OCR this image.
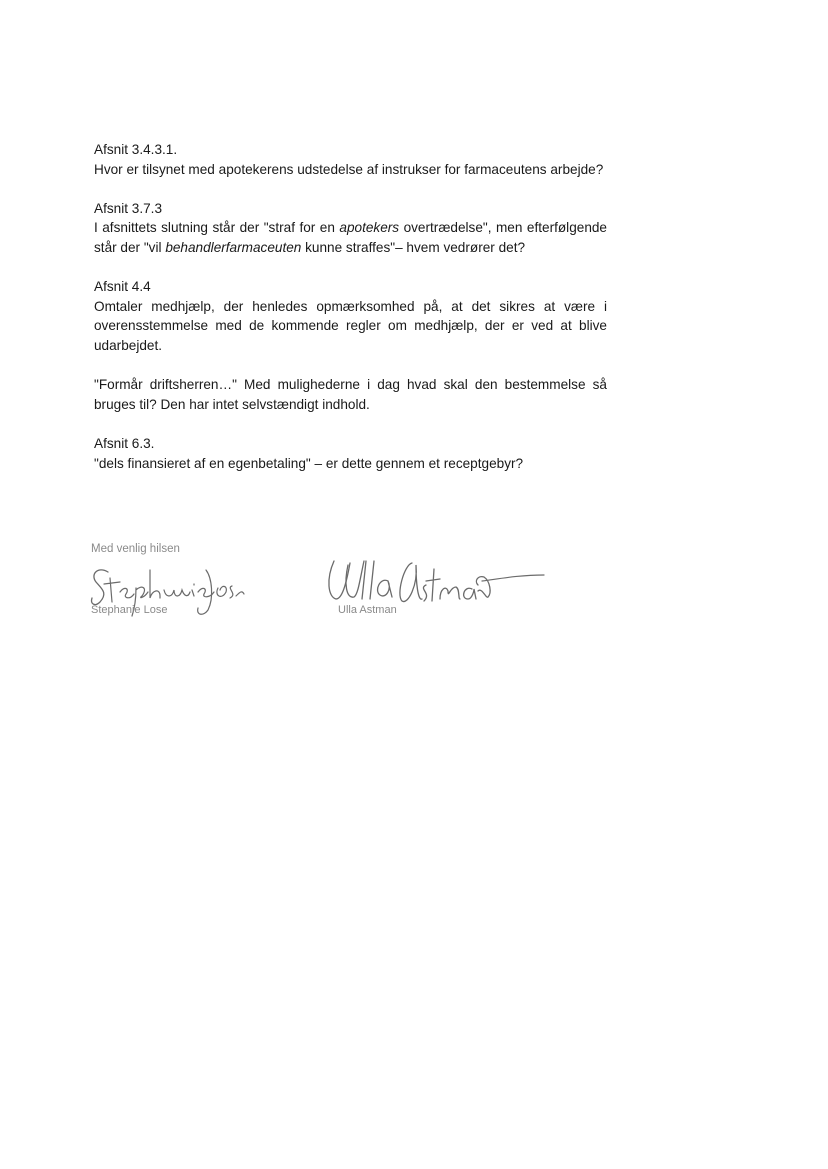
Afsnit 3.4.3.1.

Hvor er tilsynet med apotekerens udstedelse af instrukser for farmaceutens arbejde?

Afsnit 3.7.3

I afsnittets slutning står der "straf for en apotekers overtrædelse", men efterfølgende står der "vil behandlerfarmaceuten kunne straffes"– hvem vedrører det?

Afsnit 4.4

Omtaler medhjælp, der henledes opmærksomhed på, at det sikres at være i overensstemmelse med de kommende regler om medhjælp, der er ved at blive udarbejdet.

"Formår driftsherren…" Med mulighederne i dag hvad skal den bestemmelse så bruges til? Den har intet selvstændigt indhold.

Afsnit 6.3.

"dels finansieret af en egenbetaling" – er dette gennem et receptgebyr?

Med venlig hilsen
Stephanie Lose	Ulla Astman
